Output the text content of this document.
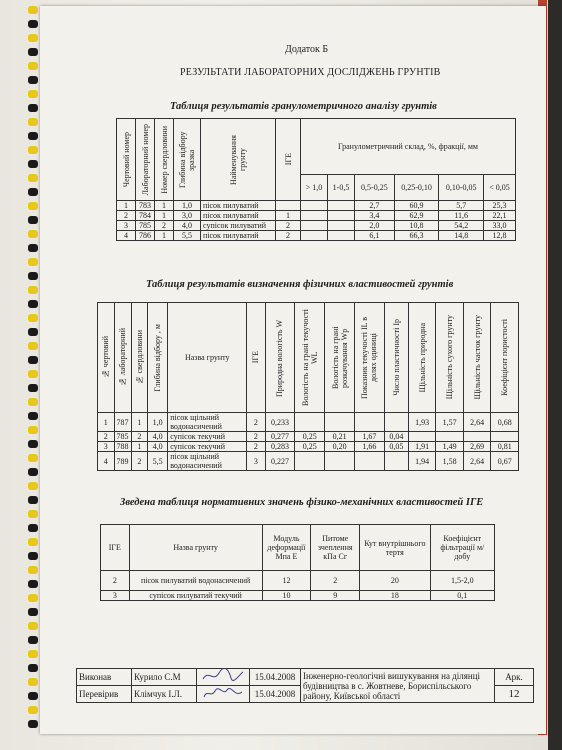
Додаток Б
РЕЗУЛЬТАТИ ЛАБОРАТОРНИХ ДОСЛІДЖЕНЬ ГРУНТІВ
Таблиця результатів гранулометричного аналізу грунтів
Чертовий номер	Лабораторний номер	Номер свердловини	Глибина відбору зразка	Найменування грунту	ІГЕ	Гранулометричний склад, %, фракції, мм					
						> 1,0	1-0,5	0,5-0,25	0,25-0,10	0,10-0,05	< 0,05
1	783	1	1,0	пісок пилуватий				2,7	60,9	5,7	25,3
2	784	1	3,0	пісок пилуватий	1			3,4	62,9	11,6	22,1
3	785	2	4,0	супісок пилуватий	2			2,0	10,8	54,2	33,0
4	786	1	5,5	пісок пилуватий	2			6,1	66,3	14,8	12,8
Таблиця результатів визначення фізичних властивостей грунтів
№ чертовий	№ лабораторний	№ свердловини	Глибина відбору , м	Назва грунту	ІГЕ	Природна вологість W	Вологість на грані текучості WL	Вологість на грані розкачування Wр	Показник текучості IL в долях одиниці	Число пластичності Ip	Щільність природна	Щільність сухого грунту	Щільність часток грунту	Коефіцієнт пористості

1	787	1	1,0	пісок щільний водонасичений	2	0,233					1,93	1,57	2,64	0,68
2	785	2	4,0	супісок текучий	2	0,277	0,25	0,21	1,67	0,04				
3	788	1	4,0	супісок текучий	2	0,283	0,25	0,20	1,66	0,05	1,91	1,49	2,69	0,81
4	789	2	5,5	пісок щільний водонасичений	3	0,227					1,94	1,58	2,64	0,67
Зведена таблиця нормативних значень фізико-механічних властивостей ІГЕ
ІГЕ	Назва грунту	Модуль деформації Мпа Е	Питоме зчеплення кПа Сг	Кут внутрішнього тертя	Коефіцієнт фільтрації м/добу
2	пісок пилуватий водонасичений	12	2	20	1,5-2,0
3	супісок пилуватий текучий	10	9	18	0,1
Виконав	Курило С.М		15.04.2008	Інженерно-геологічні вишукування на ділянці будівництва в с. Жовтневе, Бориспільського району, Київської області	Арк.
Перевірив	Клімчук І.Л.		15.04.2008		12
